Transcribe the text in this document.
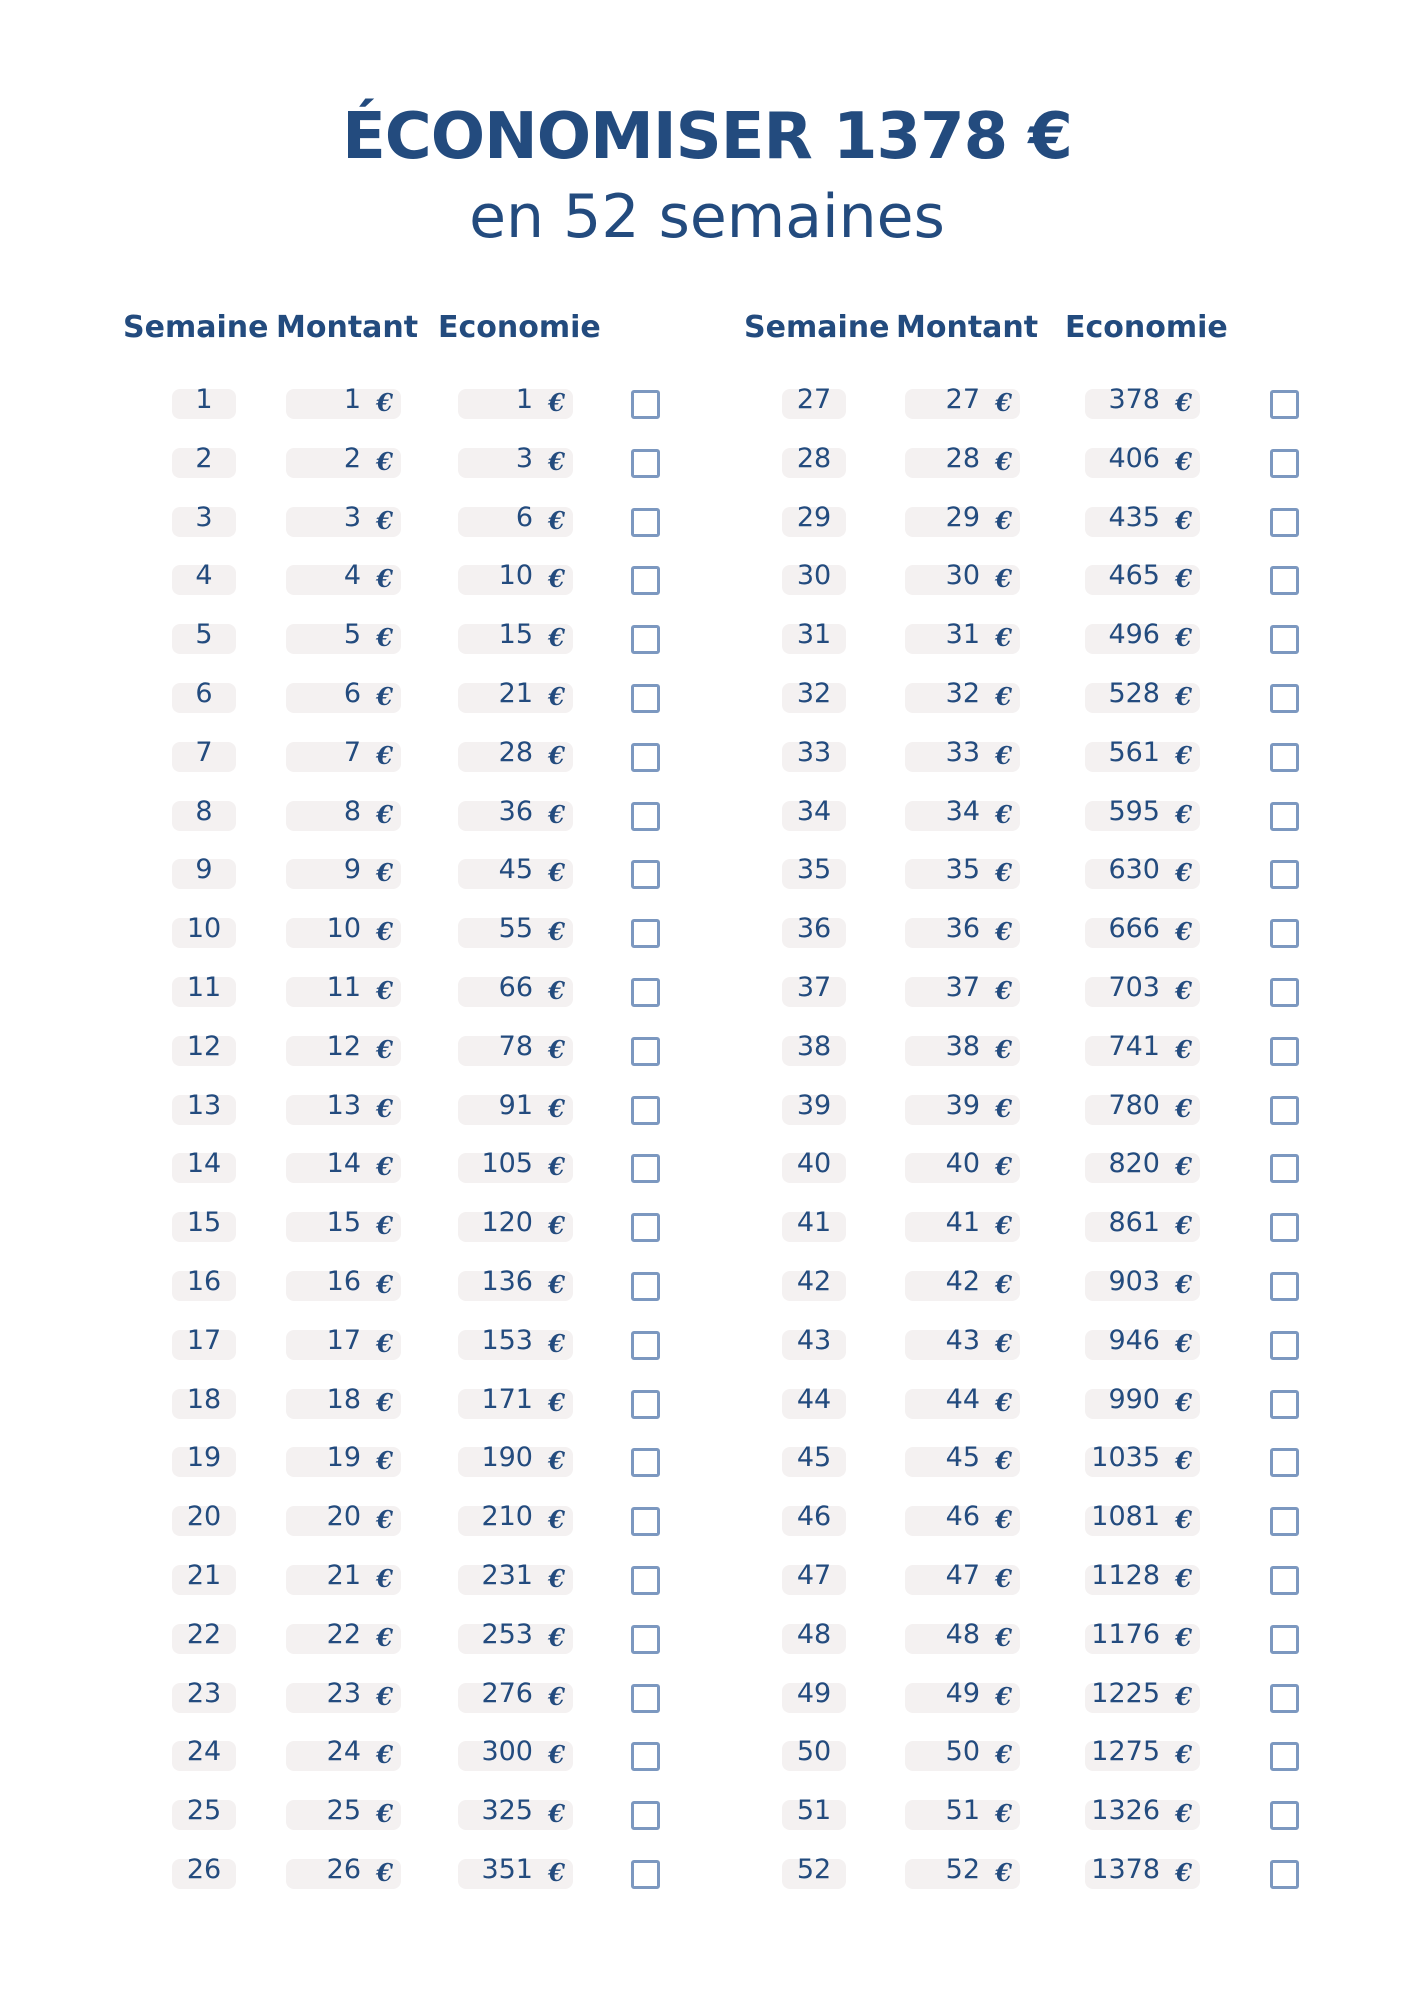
ÉCONOMISER 1378 €
en 52 semaines
Semaine Montant Economie	Semaine Montant Economie
1	1 €	1 €
2	2 €	3 €
3	3 €	6 €
4	4 €	10 €
5	5 €	15 €
6	6 €	21 €
7	7 €	28 €
8	8 €	36 €
9	9 €	45 €
10	10 €	55 €
11	11 €	66 €
12	12 €	78 €
13	13 €	91 €
14	14 €	105 €
15	15 €	120 €
16	16 €	136 €
17	17 €	153 €
18	18 €	171 €
19	19 €	190 €
20	20 €	210 €
21	21 €	231 €
22	22 €	253 €
23	23 €	276 €
24	24 €	300 €
25	25 €	325 €
26	26 €	351 €
27	27 €	378 €
28	28 €	406 €
29	29 €	435 €
30	30 €	465 €
31	31 €	496 €
32	32 €	528 €
33	33 €	561 €
34	34 €	595 €
35	35 €	630 €
36	36 €	666 €
37	37 €	703 €
38	38 €	741 €
39	39 €	780 €
40	40 €	820 €
41	41 €	861 €
42	42 €	903 €
43	43 €	946 €
44	44 €	990 €
45	45 €	1035 €
46	46 €	1081 €
47	47 €	1128 €
48	48 €	1176 €
49	49 €	1225 €
50	50 €	1275 €
51	51 €	1326 €
52	52 €	1378 €
